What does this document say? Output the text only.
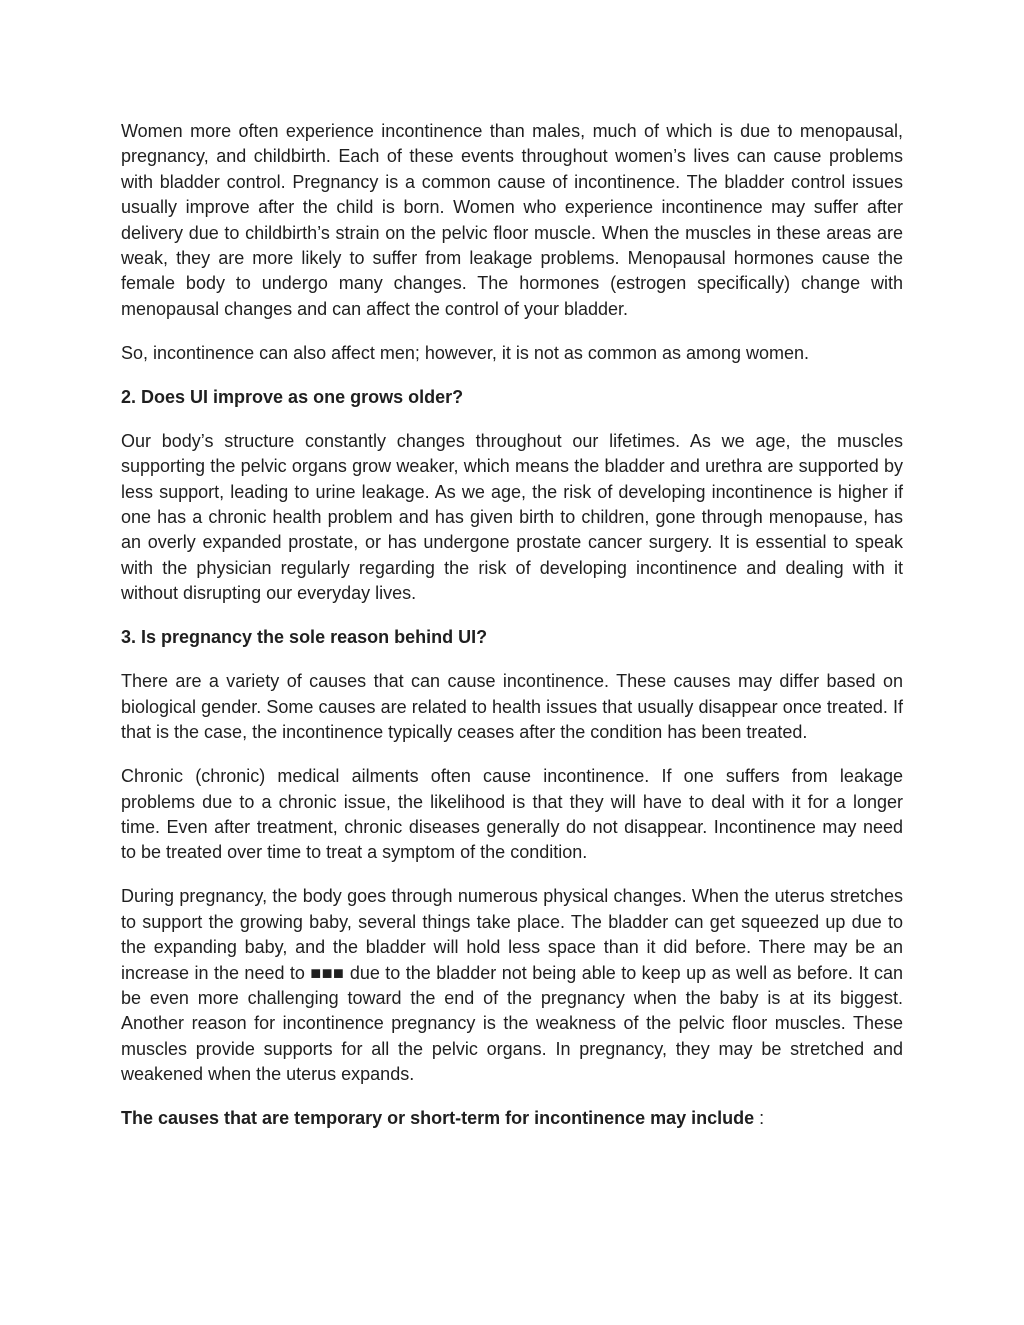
Women more often experience incontinence than males, much of which is due to menopausal, pregnancy, and childbirth. Each of these events throughout women’s lives can cause problems with bladder control. Pregnancy is a common cause of incontinence. The bladder control issues usually improve after the child is born. Women who experience incontinence may suffer after delivery due to childbirth’s strain on the pelvic floor muscle. When the muscles in these areas are weak, they are more likely to suffer from leakage problems. Menopausal hormones cause the female body to undergo many changes. The hormones (estrogen specifically) change with menopausal changes and can affect the control of your bladder.

So, incontinence can also affect men; however, it is not as common as among women.

2. Does UI improve as one grows older?

Our body’s structure constantly changes throughout our lifetimes. As we age, the muscles supporting the pelvic organs grow weaker, which means the bladder and urethra are supported by less support, leading to urine leakage. As we age, the risk of developing incontinence is higher if one has a chronic health problem and has given birth to children, gone through menopause, has an overly expanded prostate, or has undergone prostate cancer surgery. It is essential to speak with the physician regularly regarding the risk of developing incontinence and dealing with it without disrupting our everyday lives.

3. Is pregnancy the sole reason behind UI?

There are a variety of causes that can cause incontinence. These causes may differ based on biological gender. Some causes are related to health issues that usually disappear once treated. If that is the case, the incontinence typically ceases after the condition has been treated.

Chronic (chronic) medical ailments often cause incontinence. If one suffers from leakage problems due to a chronic issue, the likelihood is that they will have to deal with it for a longer time. Even after treatment, chronic diseases generally do not disappear. Incontinence may need to be treated over time to treat a symptom of the condition.

During pregnancy, the body goes through numerous physical changes. When the uterus stretches to support the growing baby, several things take place. The bladder can get squeezed up due to the expanding baby, and the bladder will hold less space than it did before. There may be an increase in the need to ■■■ due to the bladder not being able to keep up as well as before. It can be even more challenging toward the end of the pregnancy when the baby is at its biggest. Another reason for incontinence pregnancy is the weakness of the pelvic floor muscles. These muscles provide supports for all the pelvic organs. In pregnancy, they may be stretched and weakened when the uterus expands.

The causes that are temporary or short-term for incontinence may include :
